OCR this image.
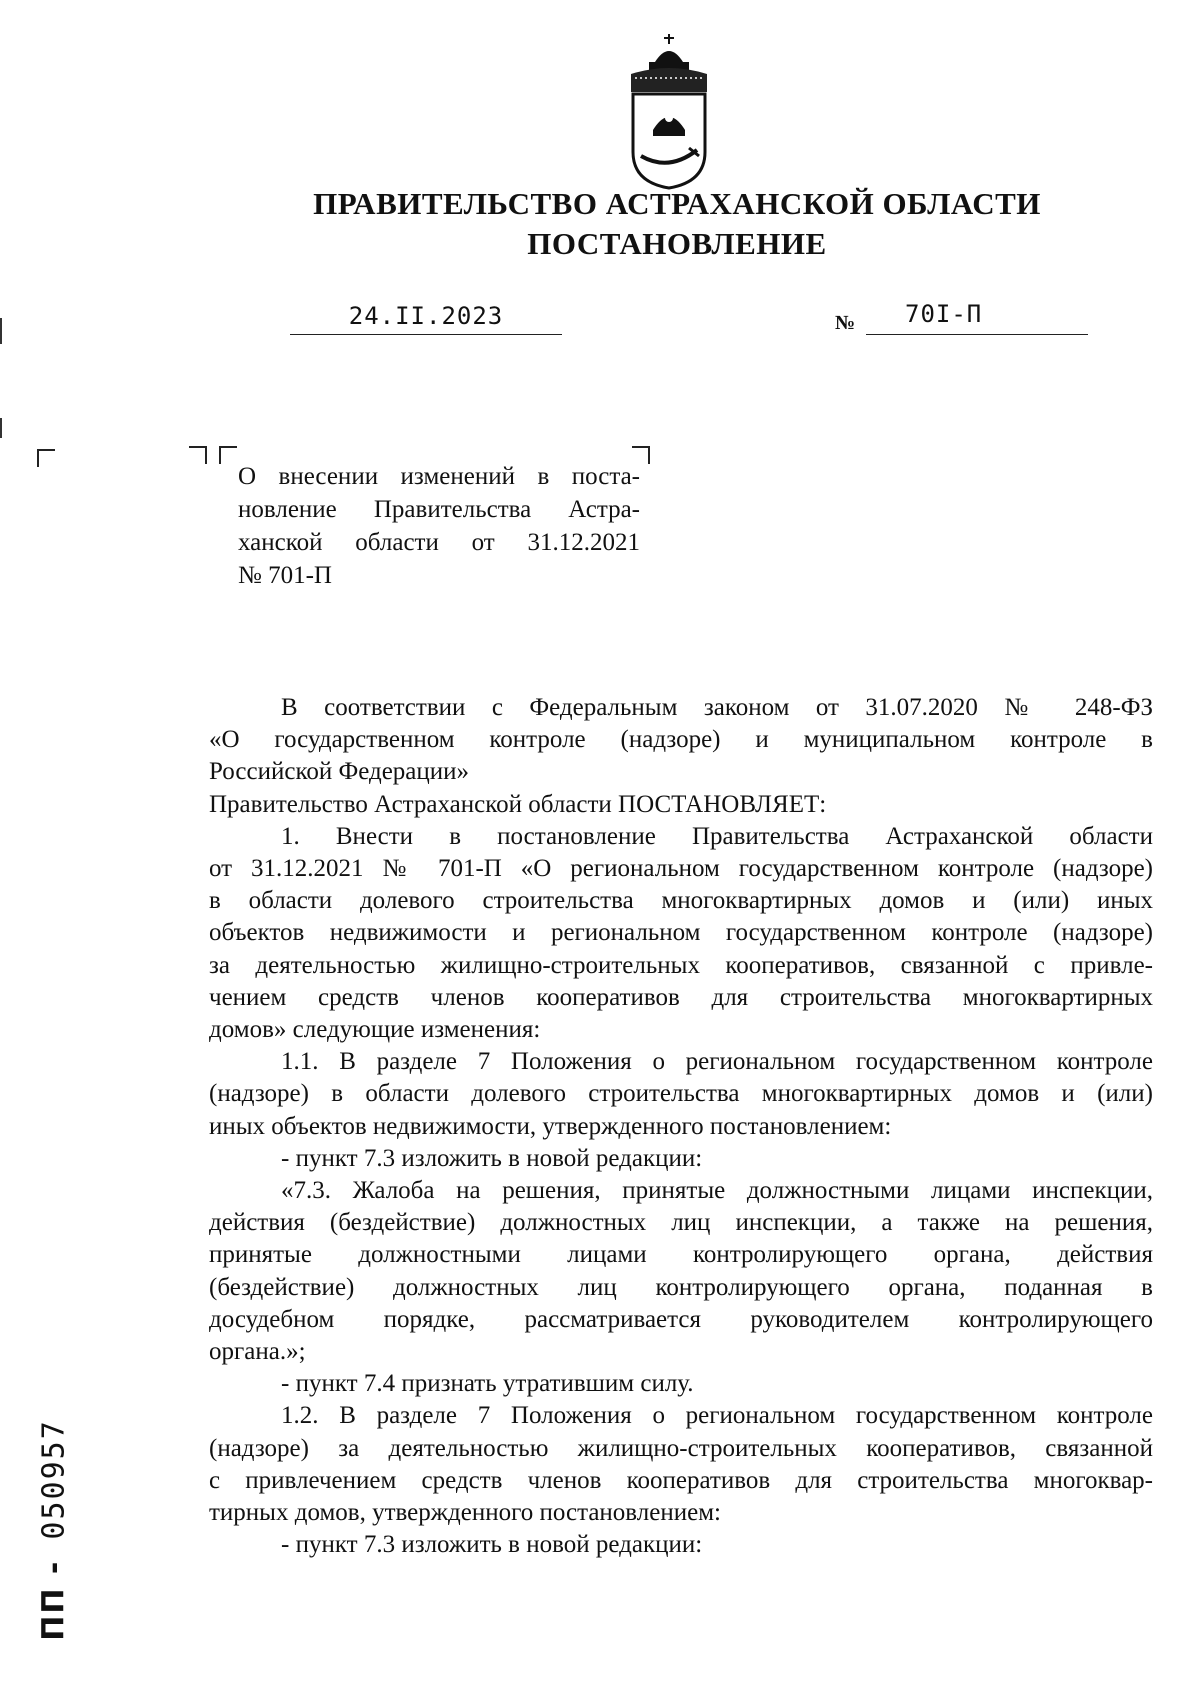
ПРАВИТЕЛЬСТВО АСТРАХАНСКОЙ ОБЛАСТИ
ПОСТАНОВЛЕНИЕ
24.II.2023	№ 70I-П
О внесении изменений в поста-
новление Правительства Астра-
ханской области от 31.12.2021
№ 701-П
В соответствии с Федеральным законом от 31.07.2020 № 248-ФЗ
«О государственном контроле (надзоре) и муниципальном контроле в
Российской Федерации»
Правительство Астраханской области ПОСТАНОВЛЯЕТ:
1. Внести в постановление Правительства Астраханской области
от 31.12.2021 № 701-П «О региональном государственном контроле (надзоре)
в области долевого строительства многоквартирных домов и (или) иных
объектов недвижимости и региональном государственном контроле (надзоре)
за деятельностью жилищно-строительных кооперативов, связанной с привле-
чением средств членов кооперативов для строительства многоквартирных
домов» следующие изменения:
1.1. В разделе 7 Положения о региональном государственном контроле
(надзоре) в области долевого строительства многоквартирных домов и (или)
иных объектов недвижимости, утвержденного постановлением:
- пункт 7.3 изложить в новой редакции:
«7.3. Жалоба на решения, принятые должностными лицами инспекции,
действия (бездействие) должностных лиц инспекции, а также на решения,
принятые должностными лицами контролирующего органа, действия
(бездействие) должностных лиц контролирующего органа, поданная в
досудебном порядке, рассматривается руководителем контролирующего
органа.»;
- пункт 7.4 признать утратившим силу.
1.2. В разделе 7 Положения о региональном государственном контроле
(надзоре) за деятельностью жилищно-строительных кооперативов, связанной
с привлечением средств членов кооперативов для строительства многоквар-
тирных домов, утвержденного постановлением:
- пункт 7.3 изложить в новой редакции:
ПП - 050957
